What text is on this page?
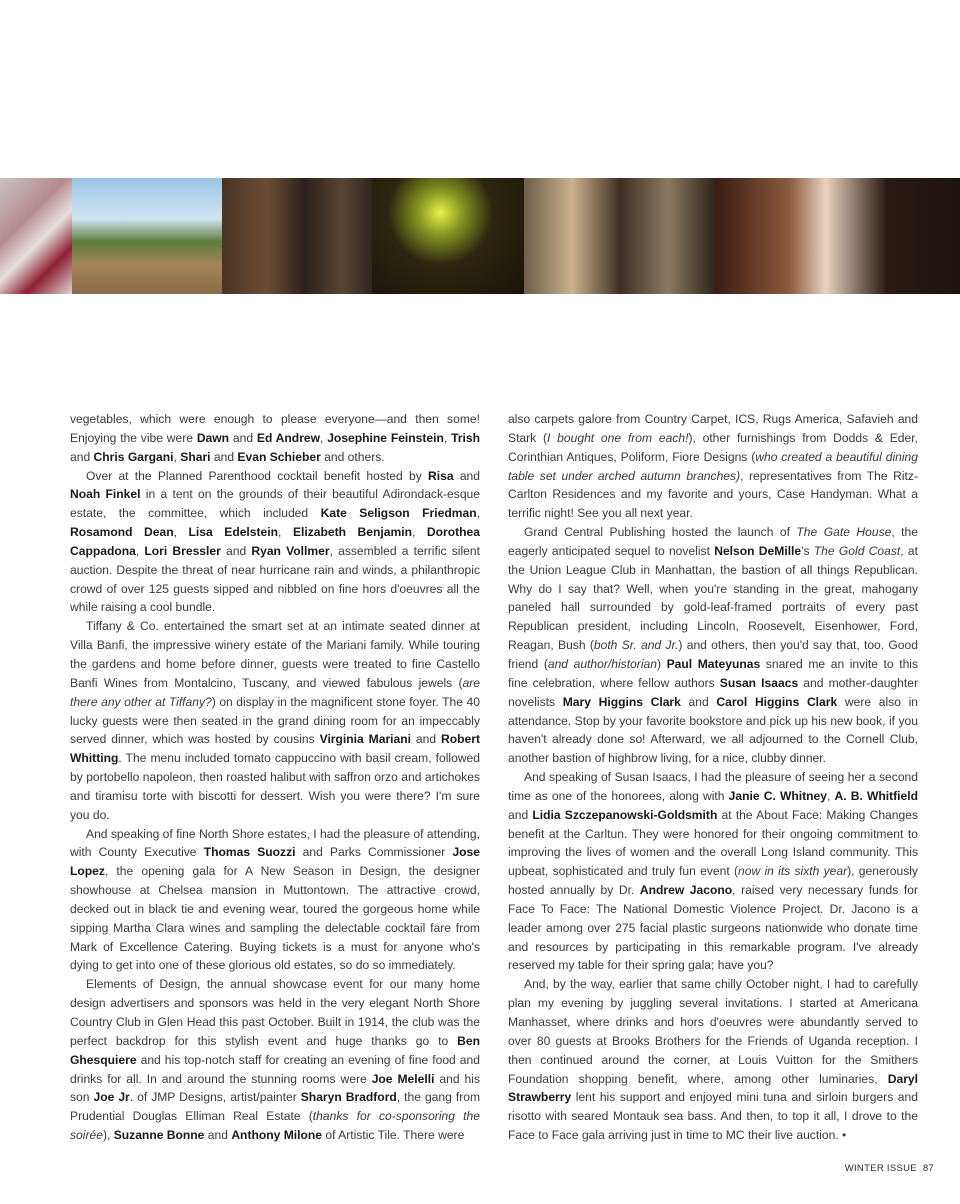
vegetables, which were enough to please everyone—and then some! Enjoying the vibe were Dawn and Ed Andrew, Josephine Feinstein, Trish and Chris Gargani, Shari and Evan Schieber and others.

Over at the Planned Parenthood cocktail benefit hosted by Risa and Noah Finkel in a tent on the grounds of their beautiful Adirondack-esque estate, the committee, which included Kate Seligson Friedman, Rosamond Dean, Lisa Edelstein, Elizabeth Benjamin, Dorothea Cappadona, Lori Bressler and Ryan Vollmer, assembled a terrific silent auction. Despite the threat of near hurricane rain and winds, a philanthropic crowd of over 125 guests sipped and nibbled on fine hors d'oeuvres all the while raising a cool bundle.

Tiffany & Co. entertained the smart set at an intimate seated dinner at Villa Banfi, the impressive winery estate of the Mariani family. While touring the gardens and home before dinner, guests were treated to fine Castello Banfi Wines from Montalcino, Tuscany, and viewed fabulous jewels (are there any other at Tiffany?) on display in the magnificent stone foyer. The 40 lucky guests were then seated in the grand dining room for an impeccably served dinner, which was hosted by cousins Virginia Mariani and Robert Whitting. The menu included tomato cappuccino with basil cream, followed by portobello napoleon, then roasted halibut with saffron orzo and artichokes and tiramisu torte with biscotti for dessert. Wish you were there? I'm sure you do.

And speaking of fine North Shore estates, I had the pleasure of attending, with County Executive Thomas Suozzi and Parks Commissioner Jose Lopez, the opening gala for A New Season in Design, the designer showhouse at Chelsea mansion in Muttontown. The attractive crowd, decked out in black tie and evening wear, toured the gorgeous home while sipping Martha Clara wines and sampling the delectable cocktail fare from Mark of Excellence Catering. Buying tickets is a must for anyone who's dying to get into one of these glorious old estates, so do so immediately.

Elements of Design, the annual showcase event for our many home design advertisers and sponsors was held in the very elegant North Shore Country Club in Glen Head this past October. Built in 1914, the club was the perfect backdrop for this stylish event and huge thanks go to Ben Ghesquiere and his top-notch staff for creating an evening of fine food and drinks for all. In and around the stunning rooms were Joe Melelli and his son Joe Jr. of JMP Designs, artist/painter Sharyn Bradford, the gang from Prudential Douglas Elliman Real Estate (thanks for co-sponsoring the soirée), Suzanne Bonne and Anthony Milone of Artistic Tile. There were

also carpets galore from Country Carpet, ICS, Rugs America, Safavieh and Stark (I bought one from each!), other furnishings from Dodds & Eder, Corinthian Antiques, Poliform, Fiore Designs (who created a beautiful dining table set under arched autumn branches), representatives from The Ritz-Carlton Residences and my favorite and yours, Case Handyman. What a terrific night! See you all next year.

Grand Central Publishing hosted the launch of The Gate House, the eagerly anticipated sequel to novelist Nelson DeMille's The Gold Coast, at the Union League Club in Manhattan, the bastion of all things Republican. Why do I say that? Well, when you're standing in the great, mahogany paneled hall surrounded by gold-leaf-framed portraits of every past Republican president, including Lincoln, Roosevelt, Eisenhower, Ford, Reagan, Bush (both Sr. and Jr.) and others, then you'd say that, too. Good friend (and author/historian) Paul Mateyunas snared me an invite to this fine celebration, where fellow authors Susan Isaacs and mother-daughter novelists Mary Higgins Clark and Carol Higgins Clark were also in attendance. Stop by your favorite bookstore and pick up his new book, if you haven't already done so! Afterward, we all adjourned to the Cornell Club, another bastion of highbrow living, for a nice, clubby dinner.

And speaking of Susan Isaacs, I had the pleasure of seeing her a second time as one of the honorees, along with Janie C. Whitney, A. B. Whitfield and Lidia Szczepanowski-Goldsmith at the About Face: Making Changes benefit at the Carltun. They were honored for their ongoing commitment to improving the lives of women and the overall Long Island community. This upbeat, sophisticated and truly fun event (now in its sixth year), generously hosted annually by Dr. Andrew Jacono, raised very necessary funds for Face To Face: The National Domestic Violence Project. Dr. Jacono is a leader among over 275 facial plastic surgeons nationwide who donate time and resources by participating in this remarkable program. I've already reserved my table for their spring gala; have you?

And, by the way, earlier that same chilly October night, I had to carefully plan my evening by juggling several invitations. I started at Americana Manhasset, where drinks and hors d'oeuvres were abundantly served to over 80 guests at Brooks Brothers for the Friends of Uganda reception. I then continued around the corner, at Louis Vuitton for the Smithers Foundation shopping benefit, where, among other luminaries, Daryl Strawberry lent his support and enjoyed mini tuna and sirloin burgers and risotto with seared Montauk sea bass. And then, to top it all, I drove to the Face to Face gala arriving just in time to MC their live auction. •

WINTER ISSUE 87
